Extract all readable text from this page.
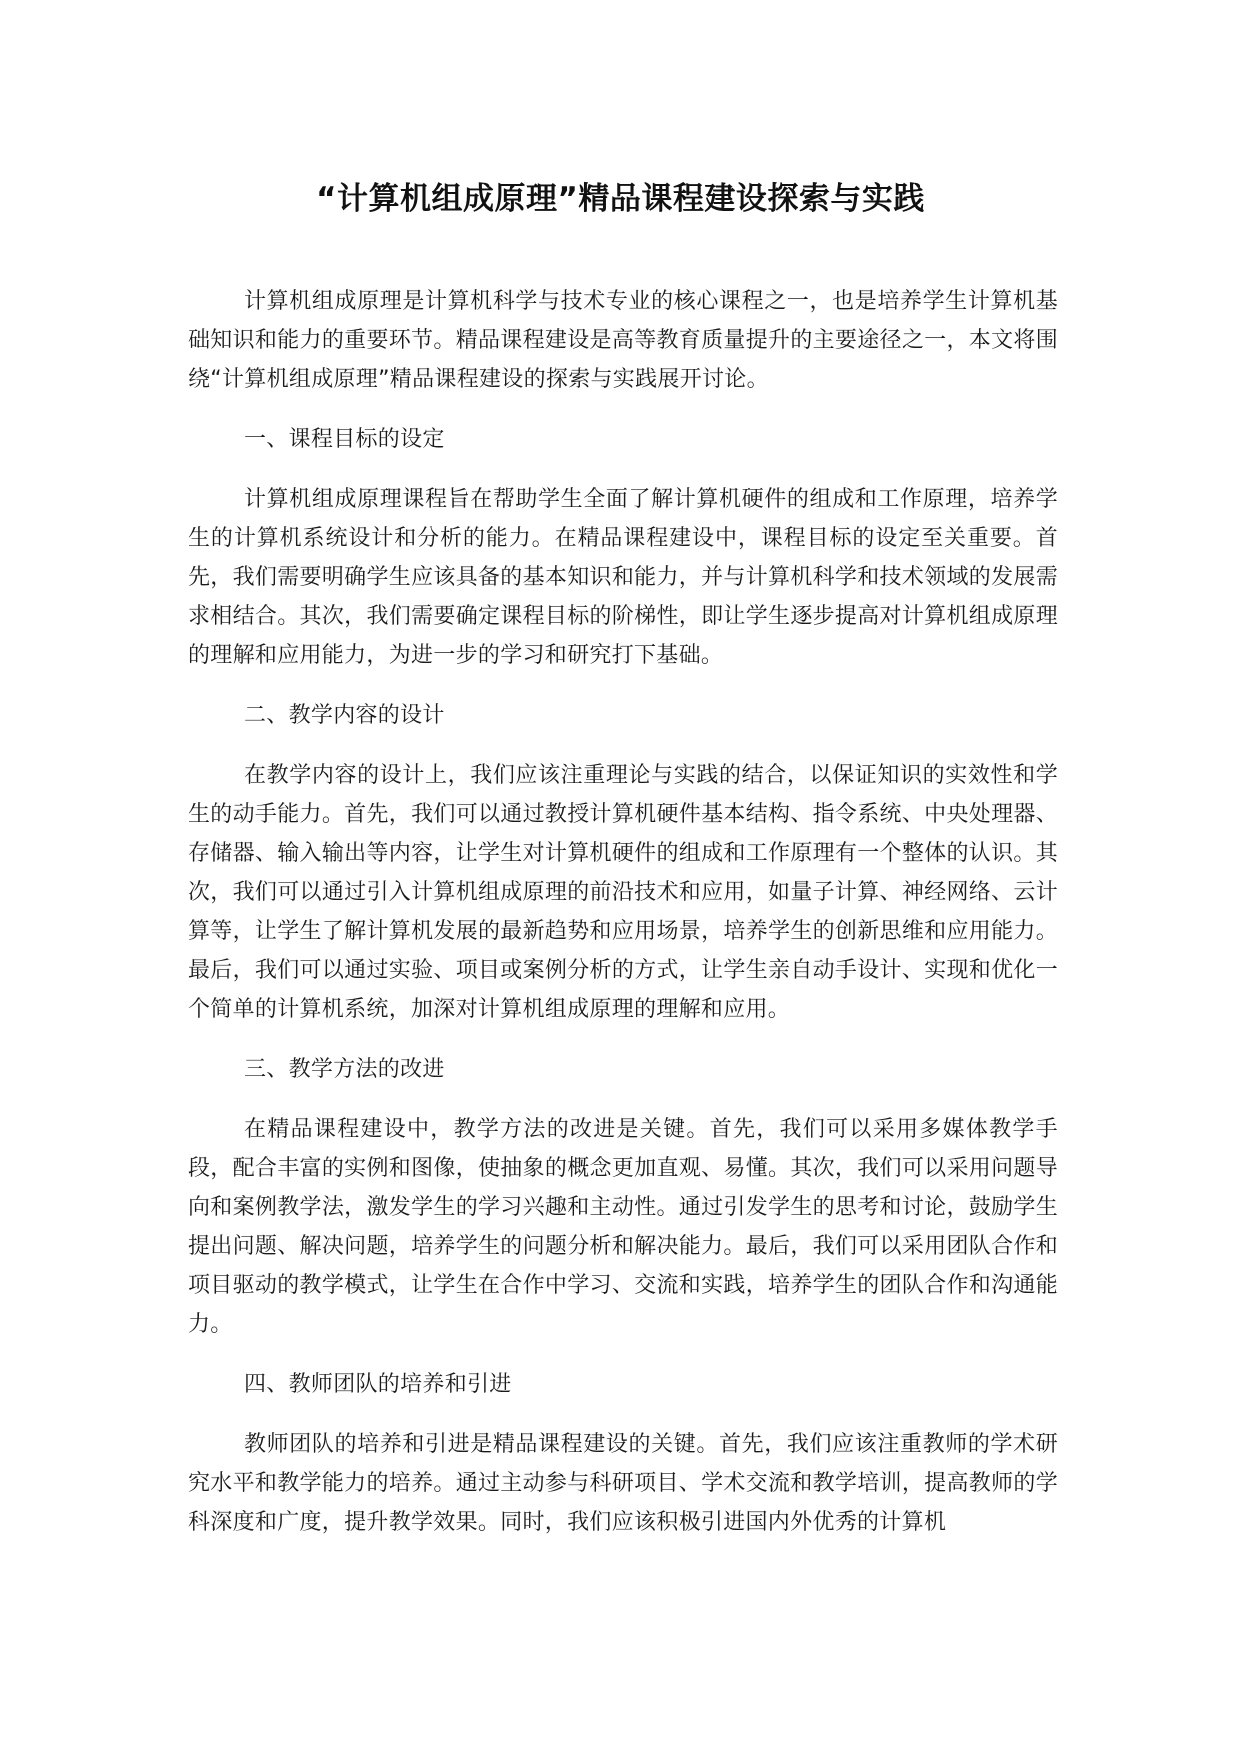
“计算机组成原理”精品课程建设探索与实践

计算机组成原理是计算机科学与技术专业的核心课程之一，也是培养学生计算机基础知识和能力的重要环节。精品课程建设是高等教育质量提升的主要途径之一，本文将围绕“计算机组成原理”精品课程建设的探索与实践展开讨论。

一、课程目标的设定

计算机组成原理课程旨在帮助学生全面了解计算机硬件的组成和工作原理，培养学生的计算机系统设计和分析的能力。在精品课程建设中，课程目标的设定至关重要。首先，我们需要明确学生应该具备的基本知识和能力，并与计算机科学和技术领域的发展需求相结合。其次，我们需要确定课程目标的阶梯性，即让学生逐步提高对计算机组成原理的理解和应用能力，为进一步的学习和研究打下基础。

二、教学内容的设计

在教学内容的设计上，我们应该注重理论与实践的结合，以保证知识的实效性和学生的动手能力。首先，我们可以通过教授计算机硬件基本结构、指令系统、中央处理器、存储器、输入输出等内容，让学生对计算机硬件的组成和工作原理有一个整体的认识。其次，我们可以通过引入计算机组成原理的前沿技术和应用，如量子计算、神经网络、云计算等，让学生了解计算机发展的最新趋势和应用场景，培养学生的创新思维和应用能力。最后，我们可以通过实验、项目或案例分析的方式，让学生亲自动手设计、实现和优化一个简单的计算机系统，加深对计算机组成原理的理解和应用。

三、教学方法的改进

在精品课程建设中，教学方法的改进是关键。首先，我们可以采用多媒体教学手段，配合丰富的实例和图像，使抽象的概念更加直观、易懂。其次，我们可以采用问题导向和案例教学法，激发学生的学习兴趣和主动性。通过引发学生的思考和讨论，鼓励学生提出问题、解决问题，培养学生的问题分析和解决能力。最后，我们可以采用团队合作和项目驱动的教学模式，让学生在合作中学习、交流和实践，培养学生的团队合作和沟通能力。

四、教师团队的培养和引进

教师团队的培养和引进是精品课程建设的关键。首先，我们应该注重教师的学术研究水平和教学能力的培养。通过主动参与科研项目、学术交流和教学培训，提高教师的学科深度和广度，提升教学效果。同时，我们应该积极引进国内外优秀的计算机
